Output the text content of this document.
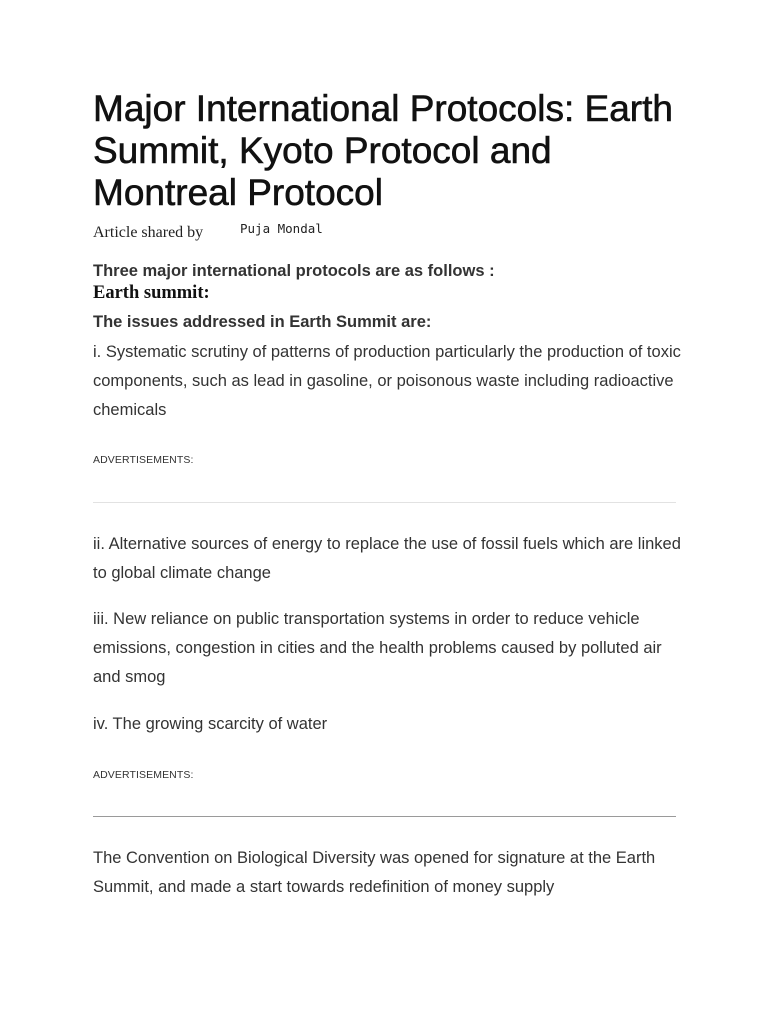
Major International Protocols: Earth Summit, Kyoto Protocol and Montreal Protocol
Article shared by	Puja Mondal

Three major international protocols are as follows :

Earth summit:

The issues addressed in Earth Summit are:

i. Systematic scrutiny of patterns of production particularly the production of toxic components, such as lead in gasoline, or poisonous waste including radioactive chemicals

ADVERTISEMENTS:

ii. Alternative sources of energy to replace the use of fossil fuels which are linked to global climate change

iii. New reliance on public transportation systems in order to reduce vehicle emissions, congestion in cities and the health problems caused by polluted air and smog

iv. The growing scarcity of water

ADVERTISEMENTS:

The Convention on Biological Diversity was opened for signature at the Earth Summit, and made a start towards redefinition of money supply
